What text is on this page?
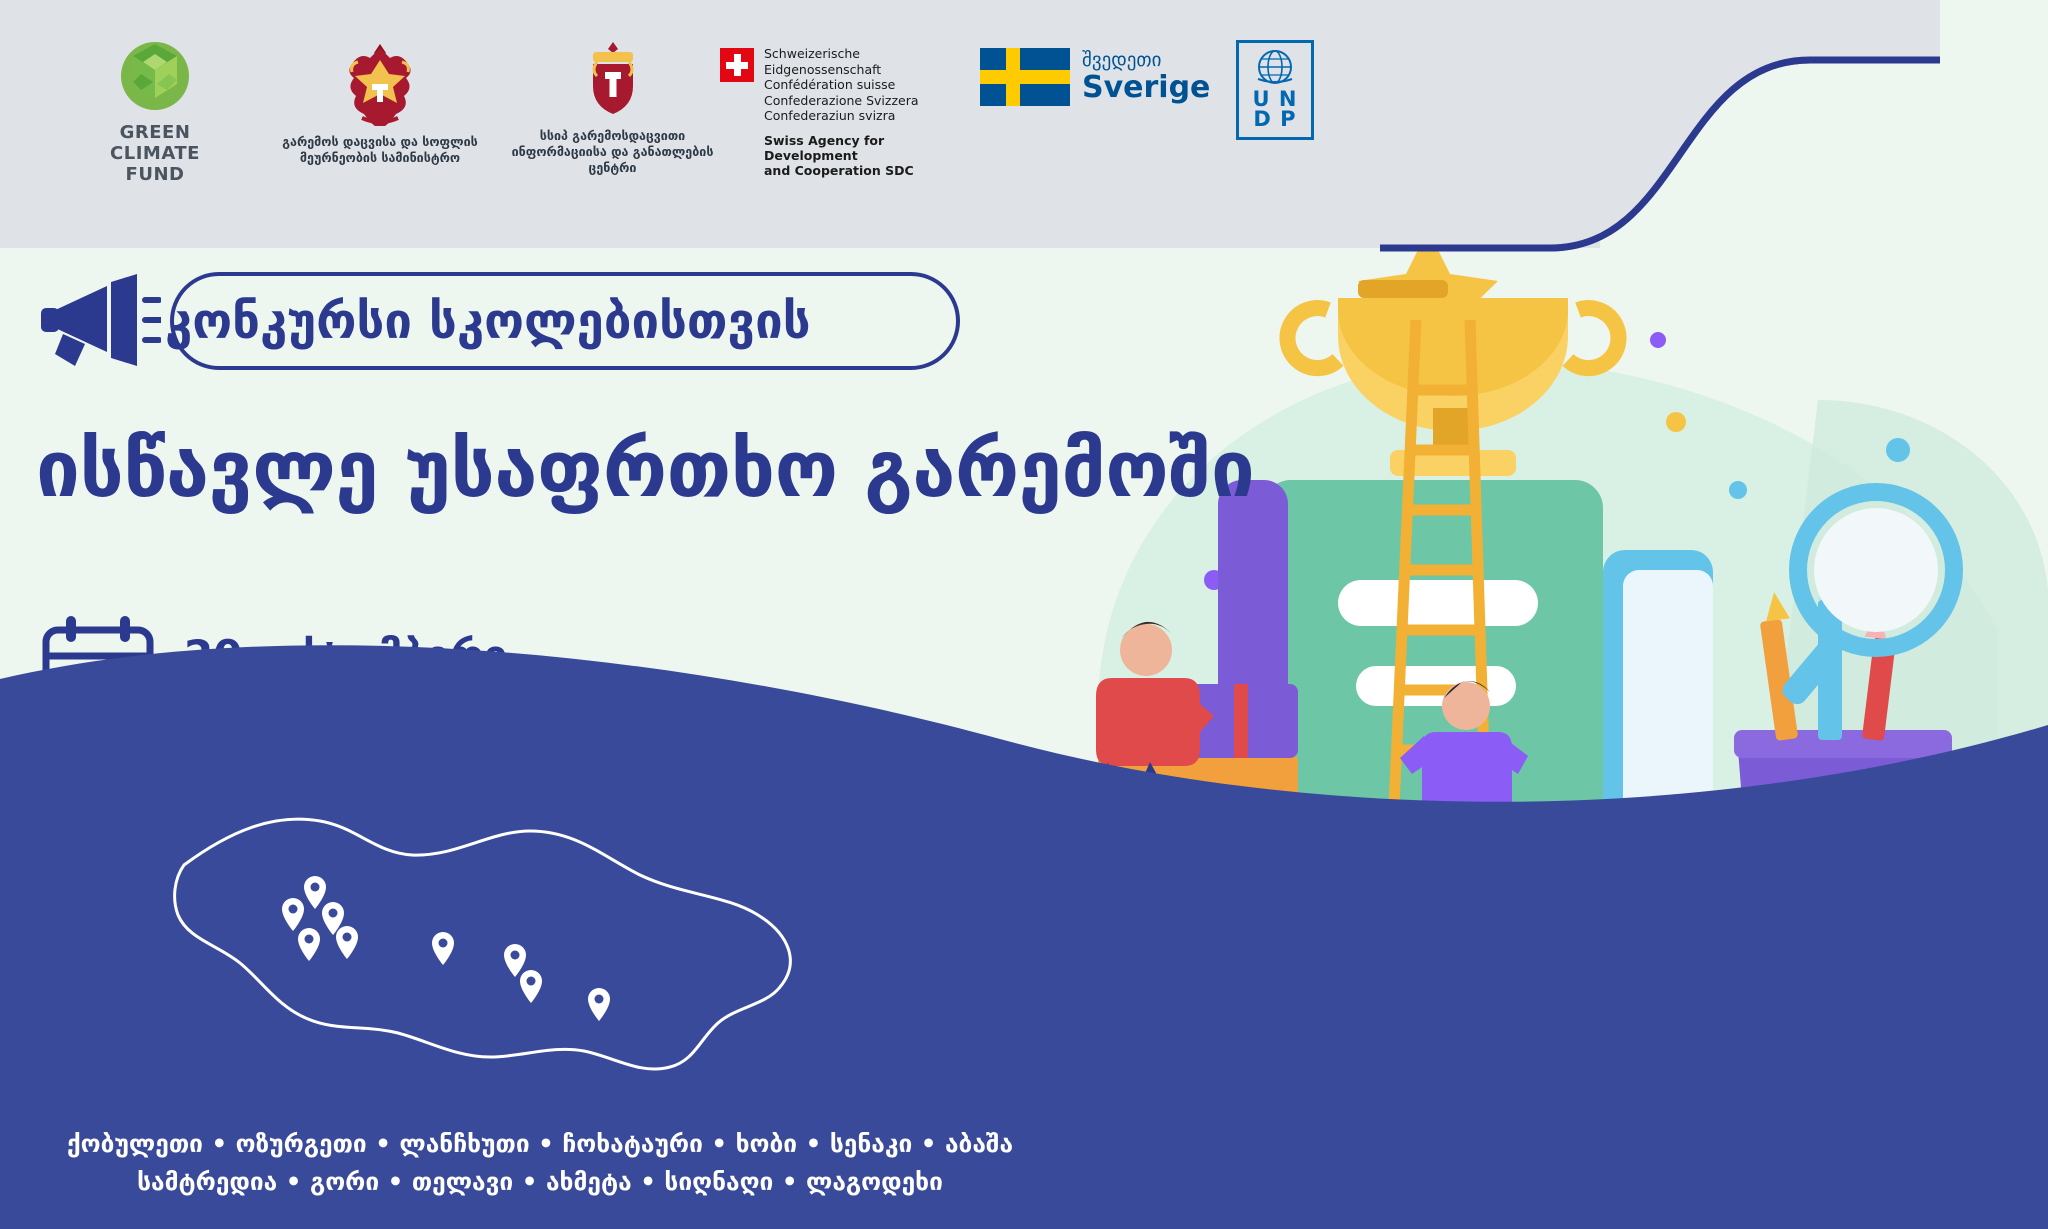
GREEN
CLIMATE
FUND
გარემოს დაცვისა და სოფლის მეურნეობის სამინისტრო
სსიპ გარემოსდაცვითი ინფორმაციისა და განათლების ცენტრი
Schweizerische Eidgenossenschaft
Confédération suisse
Confederazione Svizzera
Confederaziun svizra
Swiss Agency for Development
and Cooperation SDC
შვედეთი
Sverige U N
D P
კონკურსი სკოლებისთვის
ისწავლე უსაფრთხო გარემოში
ქობულეთი • ოზურგეთი • ლანჩხუთი • ჩოხატაური • ხობი • სენაკი • აბაშა
სამტრედია • გორი • თელავი • ახმეტა • სიღნაღი • ლაგოდეხი
